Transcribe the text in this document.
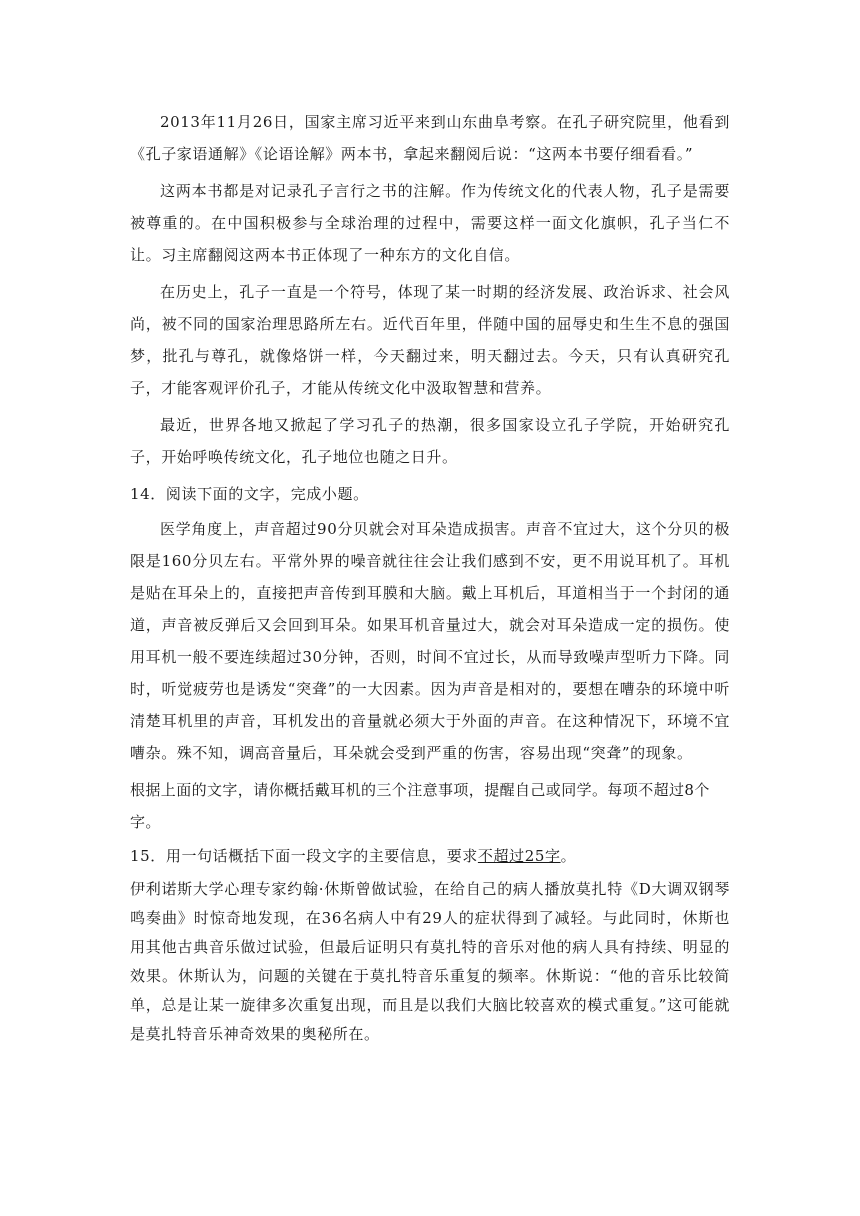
2013年11月26日，国家主席习近平来到山东曲阜考察。在孔子研究院里，他看到《孔子家语通解》《论语诠解》两本书，拿起来翻阅后说：“这两本书要仔细看看。”

这两本书都是对记录孔子言行之书的注解。作为传统文化的代表人物，孔子是需要被尊重的。在中国积极参与全球治理的过程中，需要这样一面文化旗帜，孔子当仁不让。习主席翻阅这两本书正体现了一种东方的文化自信。

在历史上，孔子一直是一个符号，体现了某一时期的经济发展、政治诉求、社会风尚，被不同的国家治理思路所左右。近代百年里，伴随中国的屈辱史和生生不息的强国梦，批孔与尊孔，就像烙饼一样，今天翻过来，明天翻过去。今天，只有认真研究孔子，才能客观评价孔子，才能从传统文化中汲取智慧和营养。

最近，世界各地又掀起了学习孔子的热潮，很多国家设立孔子学院，开始研究孔子，开始呼唤传统文化，孔子地位也随之日升。

14．阅读下面的文字，完成小题。

医学角度上，声音超过90分贝就会对耳朵造成损害。声音不宜过大，这个分贝的极限是160分贝左右。平常外界的噪音就往往会让我们感到不安，更不用说耳机了。耳机是贴在耳朵上的，直接把声音传到耳膜和大脑。戴上耳机后，耳道相当于一个封闭的通道，声音被反弹后又会回到耳朵。如果耳机音量过大，就会对耳朵造成一定的损伤。使用耳机一般不要连续超过30分钟，否则，时间不宜过长，从而导致噪声型听力下降。同时，听觉疲劳也是诱发“突聋”的一大因素。因为声音是相对的，要想在嘈杂的环境中听清楚耳机里的声音，耳机发出的音量就必须大于外面的声音。在这种情况下，环境不宜嘈杂。殊不知，调高音量后，耳朵就会受到严重的伤害，容易出现“突聋”的现象。

根据上面的文字，请你概括戴耳机的三个注意事项，提醒自己或同学。每项不超过8个字。

15．用一句话概括下面一段文字的主要信息，要求不超过25字。

伊利诺斯大学心理专家约翰·休斯曾做试验，在给自己的病人播放莫扎特《D大调双钢琴鸣奏曲》时惊奇地发现，在36名病人中有29人的症状得到了减轻。与此同时，休斯也用其他古典音乐做过试验，但最后证明只有莫扎特的音乐对他的病人具有持续、明显的效果。休斯认为，问题的关键在于莫扎特音乐重复的频率。休斯说：“他的音乐比较简单，总是让某一旋律多次重复出现，而且是以我们大脑比较喜欢的模式重复。”这可能就是莫扎特音乐神奇效果的奥秘所在。
